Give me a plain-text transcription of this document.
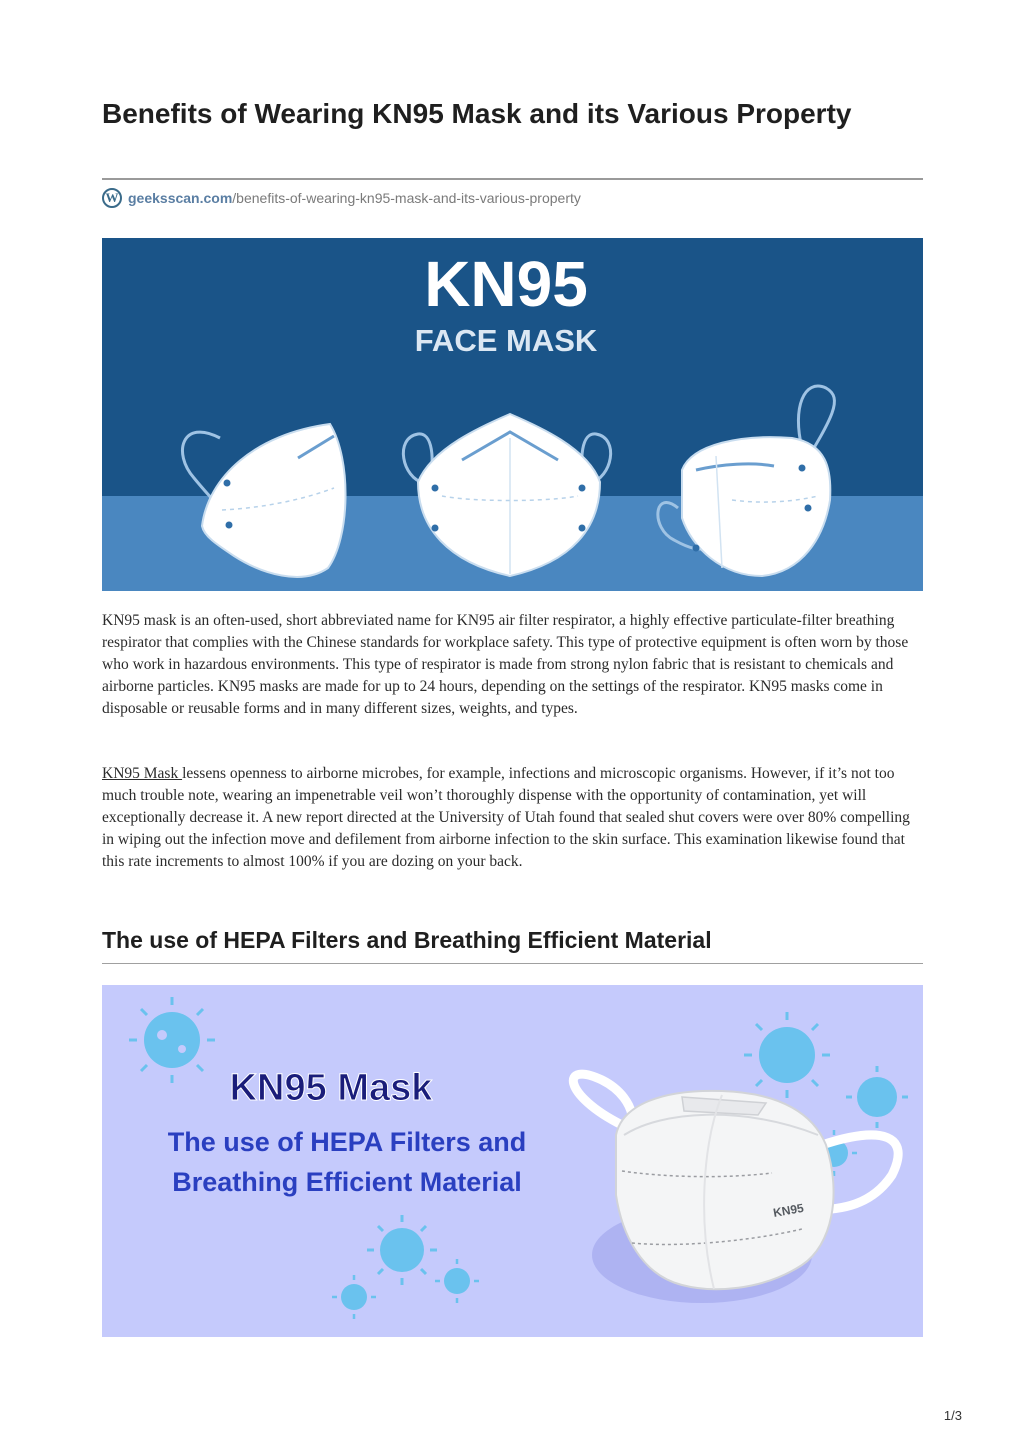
Benefits of Wearing KN95 Mask and its Various Property
W geeksscan.com /benefits-of-wearing-kn95-mask-and-its-various-property
KN95
FACE MASK

KN95 mask is an often-used, short abbreviated name for KN95 air filter respirator, a highly effective particulate-filter breathing respirator that complies with the Chinese standards for workplace safety. This type of protective equipment is often worn by those who work in hazardous environments. This type of respirator is made from strong nylon fabric that is resistant to chemicals and airborne particles. KN95 masks are made for up to 24 hours, depending on the settings of the respirator. KN95 masks come in disposable or reusable forms and in many different sizes, weights, and types.

KN95 Mask lessens openness to airborne microbes, for example, infections and microscopic organisms. However, if it’s not too much trouble note, wearing an impenetrable veil won’t thoroughly dispense with the opportunity of contamination, yet will exceptionally decrease it. A new report directed at the University of Utah found that sealed shut covers were over 80% compelling in wiping out the infection move and defilement from airborne infection to the skin surface. This examination likewise found that this rate increments to almost 100% if you are dozing on your back.

The use of HEPA Filters and Breathing Efficient Material
KN95
KN95 Mask
The use of HEPA Filters and
Breathing Efficient Material
1/3
